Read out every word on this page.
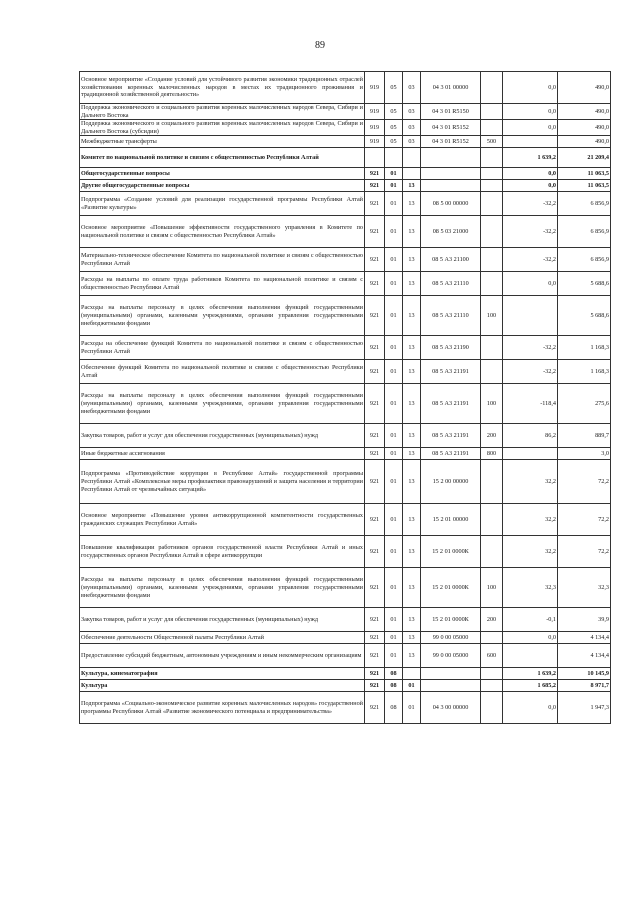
89
Основное мероприятие «Создание условий для устойчивого развития экономики традиционных отраслей хозяйствования коренных малочисленных народов в местах их традиционного проживания и традиционной хозяйственной деятельности»	919	05	03	04 3 01 00000		0,0	490,0
Поддержка экономического и социального развития коренных малочисленных народов Севера, Сибири и Дальнего Востока	919	05	03	04 3 01 R5150		0,0	490,0
Поддержка экономического и социального развития коренных малочисленных народов Севера, Сибири и Дальнего Востока (субсидии)	919	05	03	04 3 01 R5152		0,0	490,0
Межбюджетные трансферты	919	05	03	04 3 01 R5152	500		490,0
Комитет по национальной политике и связям с общественностью Республики Алтай						1 639,2	21 209,4
Общегосударственные вопросы	921	01				0,0	11 063,5
Другие общегосударственные вопросы	921	01	13			0,0	11 063,5
Подпрограмма «Создание условий для реализации государственной программы Республики Алтай «Развитие культуры»	921	01	13	08 5 00 00000		-32,2	6 856,9
Основное мероприятие «Повышение эффективности государственного управления в Комитете по национальной политике и связям с общественностью Республики Алтай»	921	01	13	08 5 03 21000		-32,2	6 856,9
Материально-техническое обеспечение Комитета по национальной политике и связям с общественностью Республики Алтай	921	01	13	08 5 А3 21100		-32,2	6 856,9
Расходы на выплаты по оплате труда работников Комитета по национальной политике и связям с общественностью Республики Алтай	921	01	13	08 5 А3 21110		0,0	5 688,6
Расходы на выплаты персоналу в целях обеспечения выполнения функций государственными (муниципальными) органами, казенными учреждениями, органами управления государственными внебюджетными фондами	921	01	13	08 5 А3 21110	100		5 688,6
Расходы на обеспечение функций Комитета по национальной политике и связям с общественностью Республики Алтай	921	01	13	08 5 А3 21190		-32,2	1 168,3
Обеспечение функций Комитета по национальной политике и связям с общественностью Республики Алтай	921	01	13	08 5 А3 21191		-32,2	1 168,3
Расходы на выплаты персоналу в целях обеспечения выполнения функций государственными (муниципальными) органами, казенными учреждениями, органами управления государственными внебюджетными фондами	921	01	13	08 5 А3 21191	100	-118,4	275,6
Закупка товаров, работ и услуг для обеспечения государственных (муниципальных) нужд	921	01	13	08 5 А3 21191	200	86,2	889,7
Иные бюджетные ассигнования	921	01	13	08 5 А3 21191	800		3,0
Подпрограмма «Противодействие коррупции в Республике Алтай» государственной программы Республики Алтай «Комплексные меры профилактики правонарушений и защита населения и территории Республики Алтай от чрезвычайных ситуаций»	921	01	13	15 2 00 00000		32,2	72,2
Основное мероприятие «Повышение уровня антикоррупционной компетентности государственных гражданских служащих Республики Алтай»	921	01	13	15 2 01 00000		32,2	72,2
Повышение квалификации работников органов государственной власти Республики Алтай и иных государственных органов Республики Алтай в сфере антикоррупции	921	01	13	15 2 01 0000К		32,2	72,2
Расходы на выплаты персоналу в целях обеспечения выполнения функций государственными (муниципальными) органами, казенными учреждениями, органами управления государственными внебюджетными фондами	921	01	13	15 2 01 0000К	100	32,3	32,3
Закупка товаров, работ и услуг для обеспечения государственных (муниципальных) нужд	921	01	13	15 2 01 0000К	200	-0,1	39,9
Обеспечение деятельности Общественной палаты Республики Алтай	921	01	13	99 0 00 05000		0,0	4 134,4
Предоставление субсидий бюджетным, автономным учреждениям и иным некоммерческим организациям	921	01	13	99 0 00 05000	600		4 134,4
Культура, кинематография	921	08				1 639,2	10 145,9
Культура	921	08	01			1 685,2	8 971,7
Подпрограмма «Социально-экономическое развитие коренных малочисленных народов» государственной программы Республики Алтай «Развитие экономического потенциала и предпринимательства»	921	08	01	04 3 00 00000		0,0	1 947,3
